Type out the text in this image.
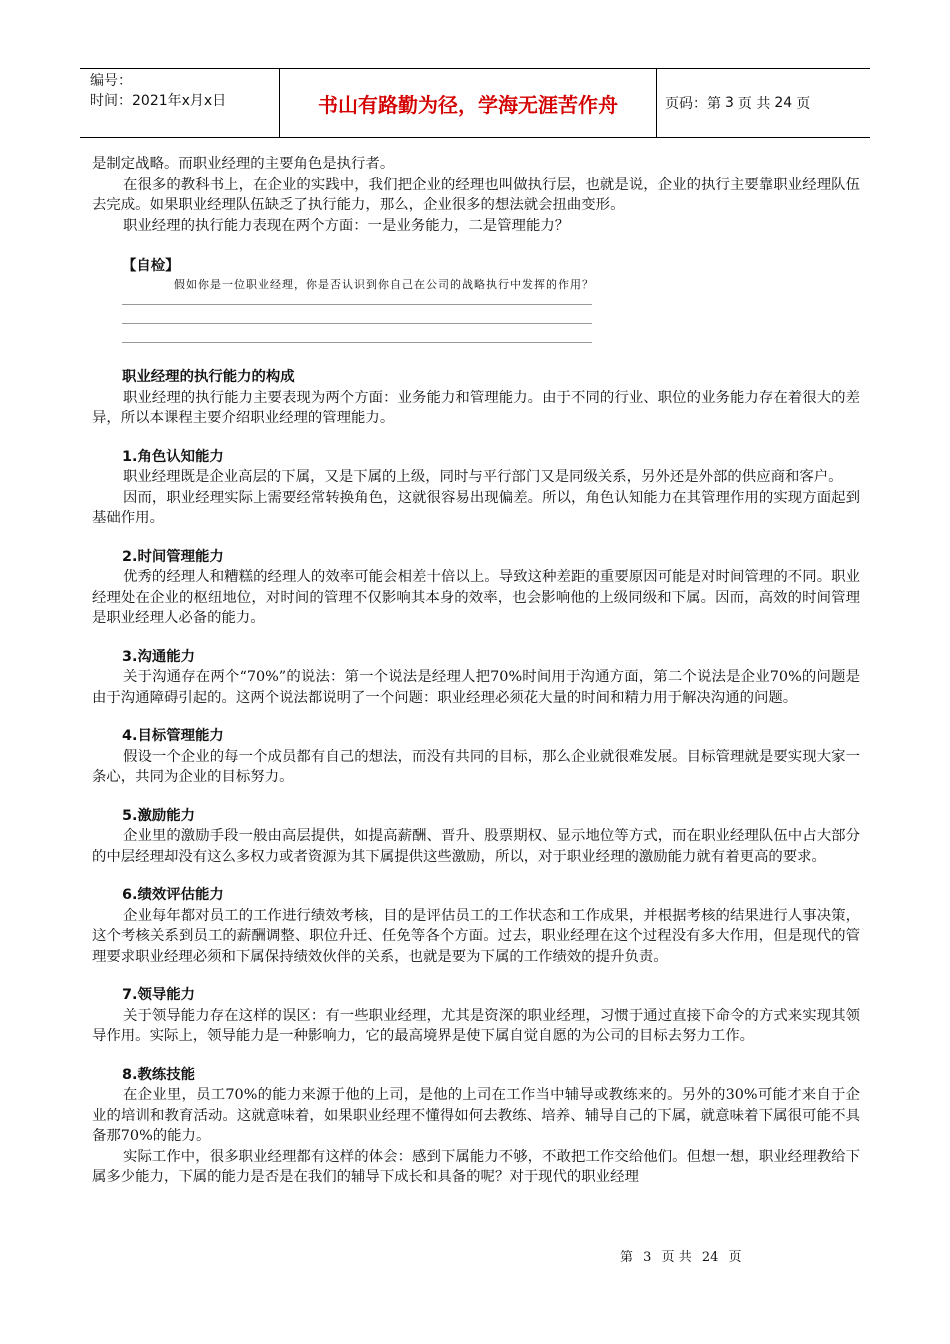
编号：
时间：2021年x月x日	书山有路勤为径，学海无涯苦作舟	页码：第 3 页 共 24 页

是制定战略。而职业经理的主要角色是执行者。

在很多的教科书上，在企业的实践中，我们把企业的经理也叫做执行层，也就是说，企业的执行主要靠职业经理队伍去完成。如果职业经理队伍缺乏了执行能力，那么，企业很多的想法就会扭曲变形。

职业经理的执行能力表现在两个方面：一是业务能力，二是管理能力？

【自检】
假如你是一位职业经理，你是否认识到你自己在公司的战略执行中发挥的作用？
职业经理的执行能力的构成

职业经理的执行能力主要表现为两个方面：业务能力和管理能力。由于不同的行业、职位的业务能力存在着很大的差异，所以本课程主要介绍职业经理的管理能力。

1.角色认知能力

职业经理既是企业高层的下属，又是下属的上级，同时与平行部门又是同级关系，另外还是外部的供应商和客户。

因而，职业经理实际上需要经常转换角色，这就很容易出现偏差。所以，角色认知能力在其管理作用的实现方面起到基础作用。

2.时间管理能力

优秀的经理人和糟糕的经理人的效率可能会相差十倍以上。导致这种差距的重要原因可能是对时间管理的不同。职业经理处在企业的枢纽地位，对时间的管理不仅影响其本身的效率，也会影响他的上级同级和下属。因而，高效的时间管理是职业经理人必备的能力。

3.沟通能力

关于沟通存在两个“70%”的说法：第一个说法是经理人把70%时间用于沟通方面，第二个说法是企业70%的问题是由于沟通障碍引起的。这两个说法都说明了一个问题：职业经理必须花大量的时间和精力用于解决沟通的问题。

4.目标管理能力

假设一个企业的每一个成员都有自己的想法，而没有共同的目标，那么企业就很难发展。目标管理就是要实现大家一条心，共同为企业的目标努力。

5.激励能力

企业里的激励手段一般由高层提供，如提高薪酬、晋升、股票期权、显示地位等方式，而在职业经理队伍中占大部分的中层经理却没有这么多权力或者资源为其下属提供这些激励，所以，对于职业经理的激励能力就有着更高的要求。

6.绩效评估能力

企业每年都对员工的工作进行绩效考核，目的是评估员工的工作状态和工作成果，并根据考核的结果进行人事决策，这个考核关系到员工的薪酬调整、职位升迁、任免等各个方面。过去，职业经理在这个过程没有多大作用，但是现代的管理要求职业经理必须和下属保持绩效伙伴的关系，也就是要为下属的工作绩效的提升负责。

7.领导能力

关于领导能力存在这样的误区：有一些职业经理，尤其是资深的职业经理，习惯于通过直接下命令的方式来实现其领导作用。实际上，领导能力是一种影响力，它的最高境界是使下属自觉自愿的为公司的目标去努力工作。

8.教练技能

在企业里，员工70%的能力来源于他的上司，是他的上司在工作当中辅导或教练来的。另外的30%可能才来自于企业的培训和教育活动。这就意味着，如果职业经理不懂得如何去教练、培养、辅导自己的下属，就意味着下属很可能不具备那70%的能力。

实际工作中，很多职业经理都有这样的体会：感到下属能力不够，不敢把工作交给他们。但想一想，职业经理教给下属多少能力，下属的能力是否是在我们的辅导下成长和具备的呢？对于现代的职业经理

第 3 页 共 24 页
